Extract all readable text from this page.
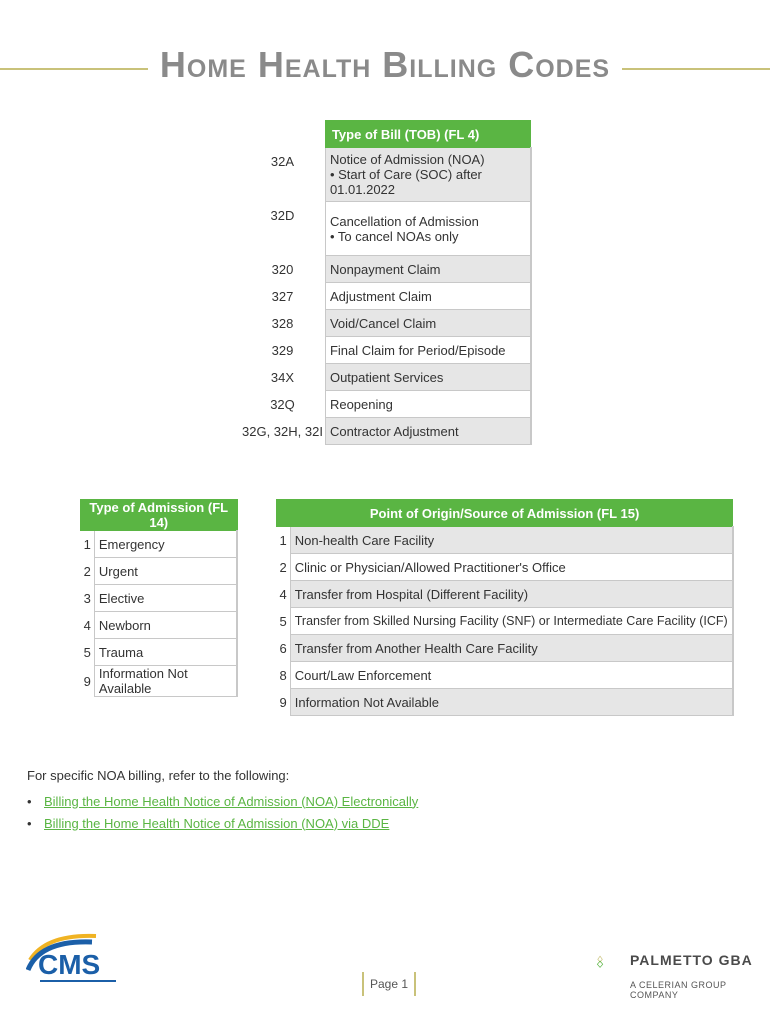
Home Health Billing Codes
	Type of Bill (TOB) (FL 4)
32A	Notice of Admission (NOA)
• Start of Care (SOC) after 01.01.2022

32D	Cancellation of Admission
• To cancel NOAs only

320	Nonpayment Claim
327	Adjustment Claim
328	Void/Cancel Claim
329	Final Claim for Period/Episode
34X	Outpatient Services
32Q	Reopening
32G, 32H, 32I	Contractor Adjustment
Type of Admission (FL 14)	
1	Emergency
2	Urgent
3	Elective
4	Newborn
5	Trauma
9	Information Not Available
Point of Origin/Source of Admission (FL 15)	
1	Non-health Care Facility
2	Clinic or Physician/Allowed Practitioner's Office
4	Transfer from Hospital (Different Facility)
5	Transfer from Skilled Nursing Facility (SNF) or Intermediate Care Facility (ICF)
6	Transfer from Another Health Care Facility
8	Court/Law Enforcement
9	Information Not Available
For specific NOA billing, refer to the following:
• Billing the Home Health Notice of Admission (NOA) Electronically
• Billing the Home Health Notice of Admission (NOA) via DDE
CMS
Page 1
PALMETTO GBA
A CELERIAN GROUP COMPANY
